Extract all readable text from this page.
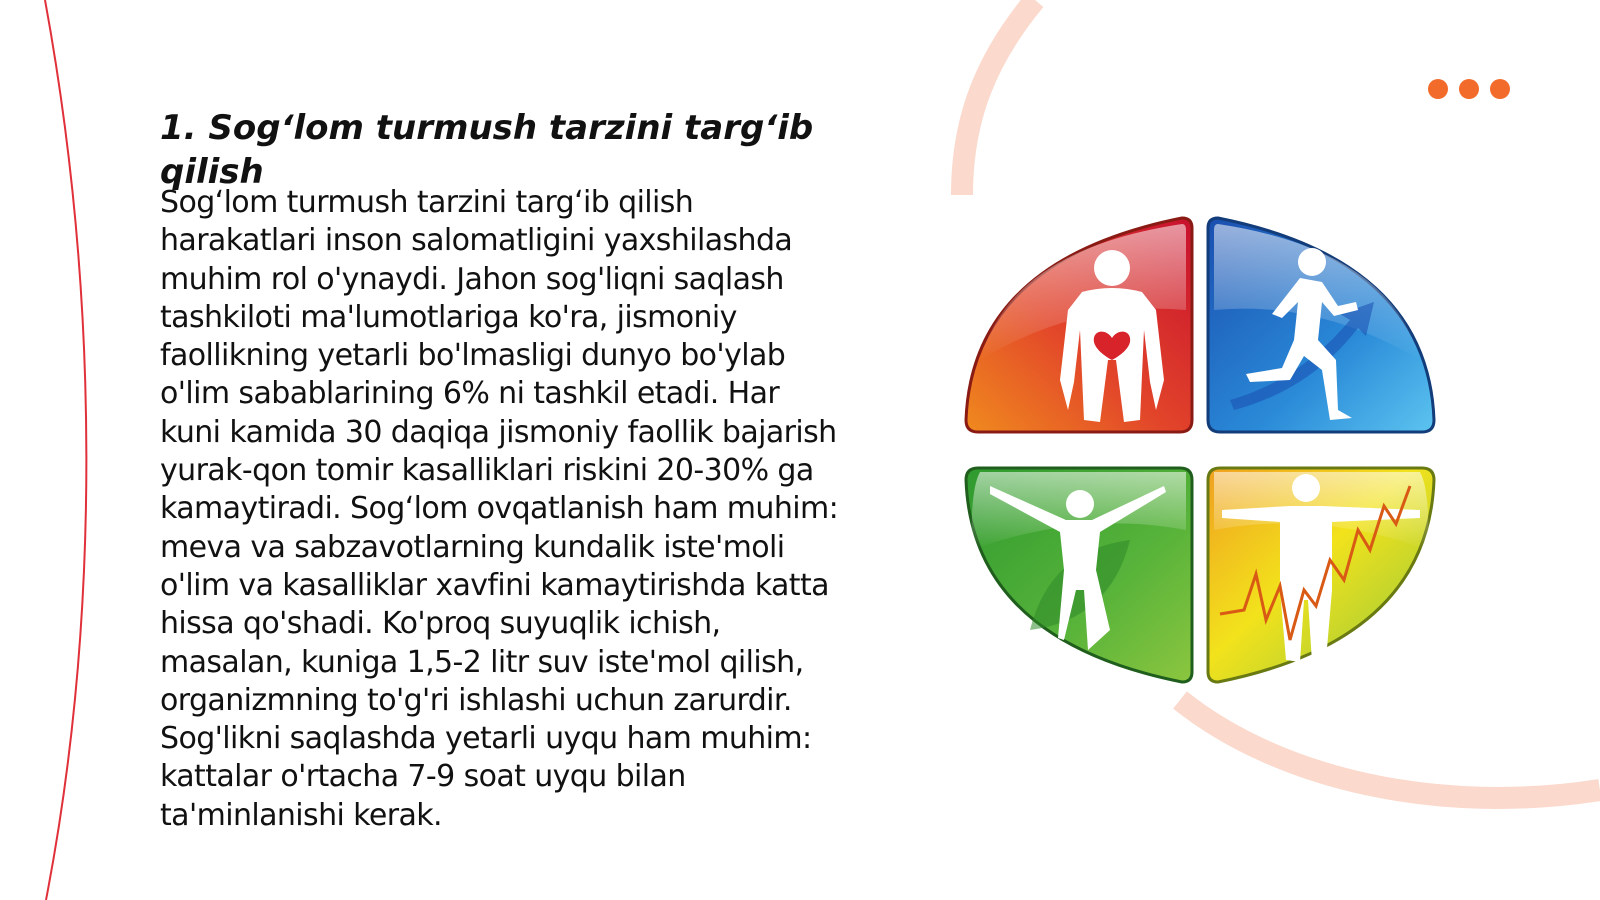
1. Sog‘lom turmush tarzini targ‘ib qilish

Sog‘lom turmush tarzini targ‘ib qilish harakatlari inson salomatligini yaxshilashda muhim rol o'ynaydi. Jahon sog'liqni saqlash tashkiloti ma'lumotlariga ko'ra, jismoniy faollikning yetarli bo'lmasligi dunyo bo'ylab o'lim sabablarining 6% ni tashkil etadi. Har kuni kamida 30 daqiqa jismoniy faollik bajarish yurak-qon tomir kasalliklari riskini 20-30% ga kamaytiradi. Sog‘lom ovqatlanish ham muhim: meva va sabzavotlarning kundalik iste'moli o'lim va kasalliklar xavfini kamaytirishda katta hissa qo'shadi. Ko'proq suyuqlik ichish, masalan, kuniga 1,5-2 litr suv iste'mol qilish, organizmning to'g'ri ishlashi uchun zarurdir. Sog'likni saqlashda yetarli uyqu ham muhim: kattalar o'rtacha 7-9 soat uyqu bilan ta'minlanishi kerak.
